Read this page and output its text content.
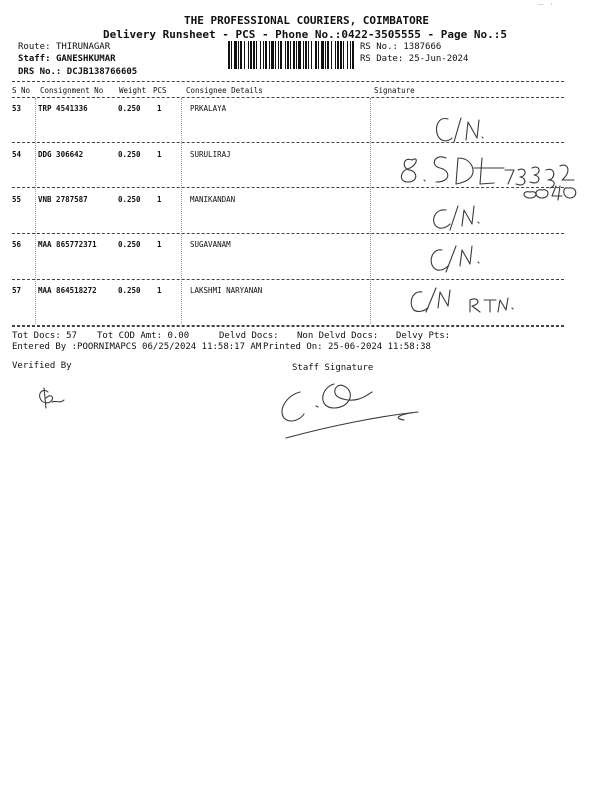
— ·
THE PROFESSIONAL COURIERS, COIMBATORE
Delivery Runsheet - PCS - Phone No.:0422-3505555 - Page No.:5
Route: THIRUNAGAR
Staff: GANESHKUMAR
DRS No.: DCJB138766605
RS No.: 1387666
RS Date: 25-Jun-2024
S No Consignment No Weight PCS	Consignee Details	Signature
53 TRP 4541336	0.250 1	PRKALAYA
54 DDG 306642	0.250 1	SURULIRAJ
55 VNB 2787587	0.250 1	MANIKANDAN
56 MAA 865772371	0.250 1	SUGAVANAM
57 MAA 864518272	0.250 1	LAKSHMI NARYANAN
Tot Docs: 57 Tot COD Amt: 0.00	Delvd Docs: Non Delvd Docs: Delvy Pts:
Entered By :POORNIMAPCS 06/25/2024 11:58:17 AM Printed On: 25-06-2024 11:58:38
Verified By	Staff Signature
